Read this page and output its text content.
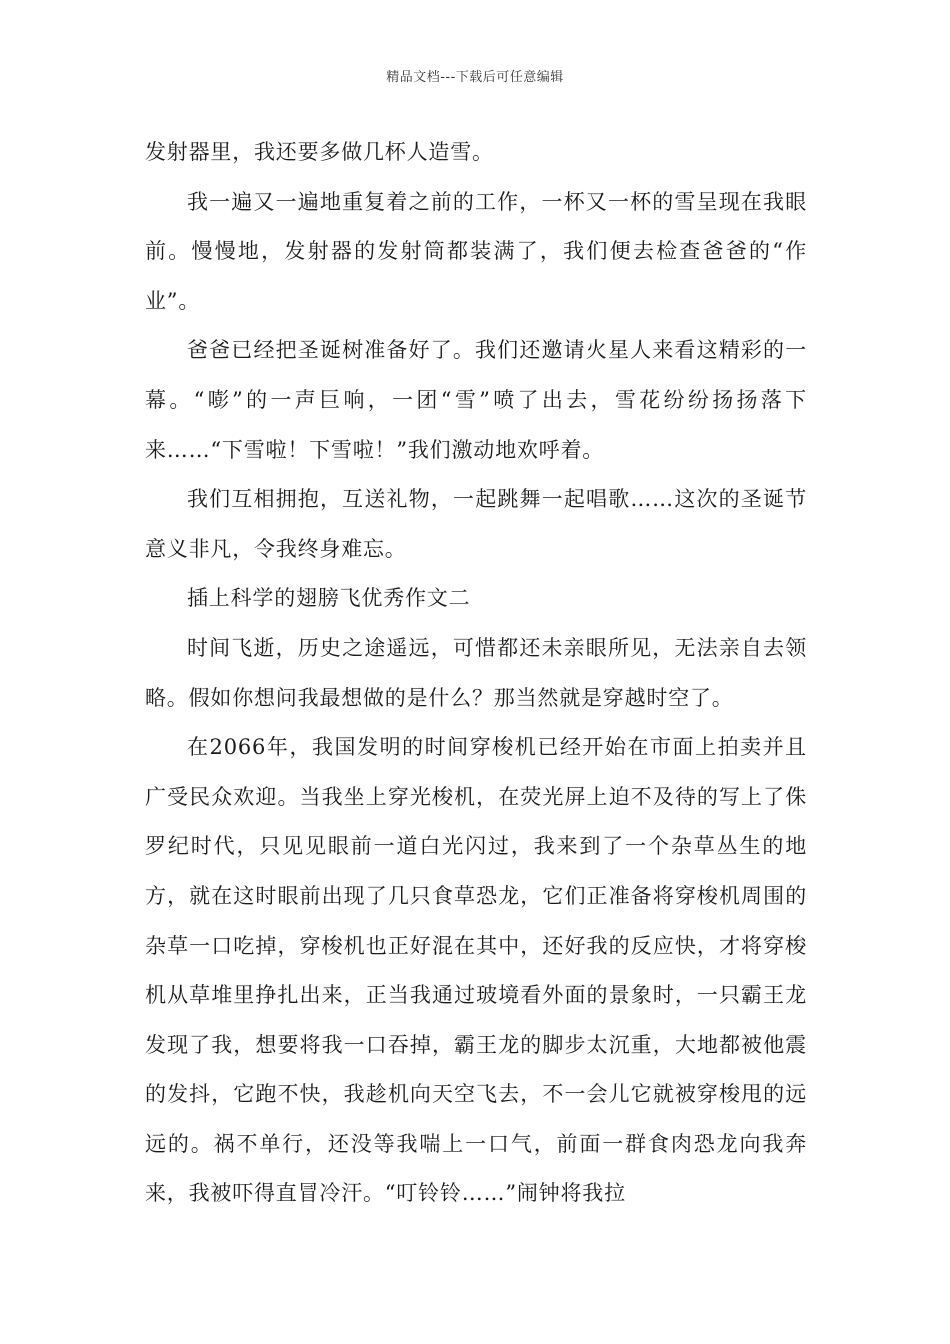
精品文档---下载后可任意编辑

发射器里，我还要多做几杯人造雪。

我一遍又一遍地重复着之前的工作，一杯又一杯的雪呈现在我眼前。慢慢地，发射器的发射筒都装满了，我们便去检查爸爸的“作业”。

爸爸已经把圣诞树准备好了。我们还邀请火星人来看这精彩的一幕。“嘭”的一声巨响，一团“雪”喷了出去，雪花纷纷扬扬落下来……“下雪啦！下雪啦！”我们激动地欢呼着。

我们互相拥抱，互送礼物，一起跳舞一起唱歌……这次的圣诞节意义非凡，令我终身难忘。

插上科学的翅膀飞优秀作文二

时间飞逝，历史之途遥远，可惜都还未亲眼所见，无法亲自去领略。假如你想问我最想做的是什么？那当然就是穿越时空了。

在2066年，我国发明的时间穿梭机已经开始在市面上拍卖并且广受民众欢迎。当我坐上穿光梭机，在荧光屏上迫不及待的写上了侏罗纪时代，只见见眼前一道白光闪过，我来到了一个杂草丛生的地方，就在这时眼前出现了几只食草恐龙，它们正准备将穿梭机周围的杂草一口吃掉，穿梭机也正好混在其中，还好我的反应快，才将穿梭机从草堆里挣扎出来，正当我通过玻境看外面的景象时，一只霸王龙发现了我，想要将我一口吞掉，霸王龙的脚步太沉重，大地都被他震的发抖，它跑不快，我趁机向天空飞去，不一会儿它就被穿梭甩的远远的。祸不单行，还没等我喘上一口气，前面一群食肉恐龙向我奔来，我被吓得直冒冷汗。“叮铃铃……”闹钟将我拉
